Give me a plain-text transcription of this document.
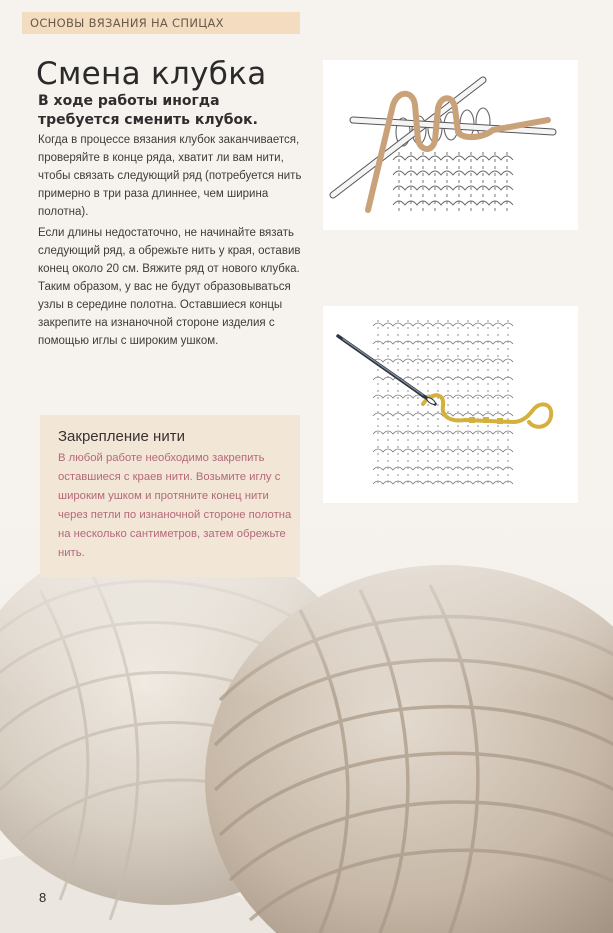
ОСНОВЫ ВЯЗАНИЯ НА СПИЦАХ
Смена клубка
В ходе работы иногда требуется сменить клубок.
Когда в процессе вязания клубок заканчивается, проверяйте в конце ряда, хватит ли вам нити, чтобы связать следующий ряд (потребуется нить примерно в три раза длиннее, чем ширина полотна).
Если длины недостаточно, не начинайте вязать следующий ряд, а обрежьте нить у края, оставив конец около 20 см. Вяжите ряд от нового клубка. Таким образом, у вас не будут образовываться узлы в середине полотна. Оставшиеся концы закрепите на изнаночной стороне изделия с помощью иглы с широким ушком.
Закрепление нити
В любой работе необходимо закрепить оставшиеся с краев нити. Возьмите иглу с широким ушком и протяните конец нити через петли по изнаночной стороне полотна на несколько сантиметров, затем обрежьте нить.
8
